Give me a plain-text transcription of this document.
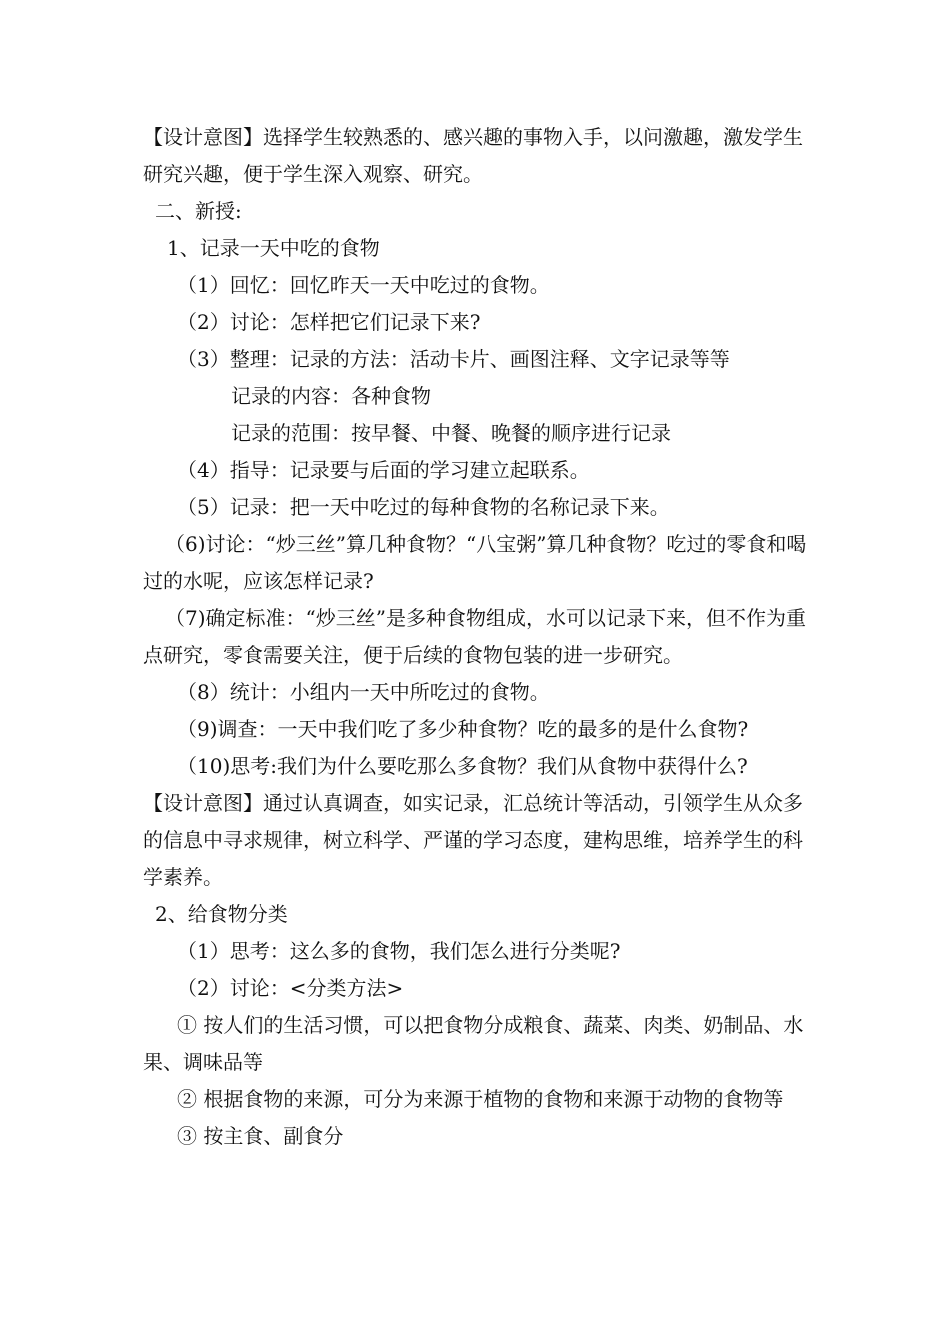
【设计意图】选择学生较熟悉的、感兴趣的事物入手，以问激趣，激发学生研究兴趣，便于学生深入观察、研究。
二、新授:
1、记录一天中吃的食物
（1）回忆：回忆昨天一天中吃过的食物。
（2）讨论：怎样把它们记录下来?
（3）整理：记录的方法：活动卡片、画图注释、文字记录等等
记录的内容：各种食物
记录的范围：按早餐、中餐、晚餐的顺序进行记录
（4）指导：记录要与后面的学习建立起联系。
（5）记录：把一天中吃过的每种食物的名称记录下来。
（6)讨论：“炒三丝”算几种食物？“八宝粥”算几种食物？吃过的零食和喝过的水呢，应该怎样记录?
（7)确定标准：“炒三丝”是多种食物组成，水可以记录下来，但不作为重点研究，零食需要关注，便于后续的食物包装的进一步研究。
（8）统计：小组内一天中所吃过的食物。
（9)调查：一天中我们吃了多少种食物？吃的最多的是什么食物?
（10)思考:我们为什么要吃那么多食物？我们从食物中获得什么?
【设计意图】通过认真调查，如实记录，汇总统计等活动，引领学生从众多的信息中寻求规律，树立科学、严谨的学习态度，建构思维，培养学生的科学素养。
2、给食物分类
（1）思考：这么多的食物，我们怎么进行分类呢?
（2）讨论：<分类方法>
① 按人们的生活习惯，可以把食物分成粮食、蔬菜、肉类、奶制品、水果、调味品等
② 根据食物的来源，可分为来源于植物的食物和来源于动物的食物等
③ 按主食、副食分
